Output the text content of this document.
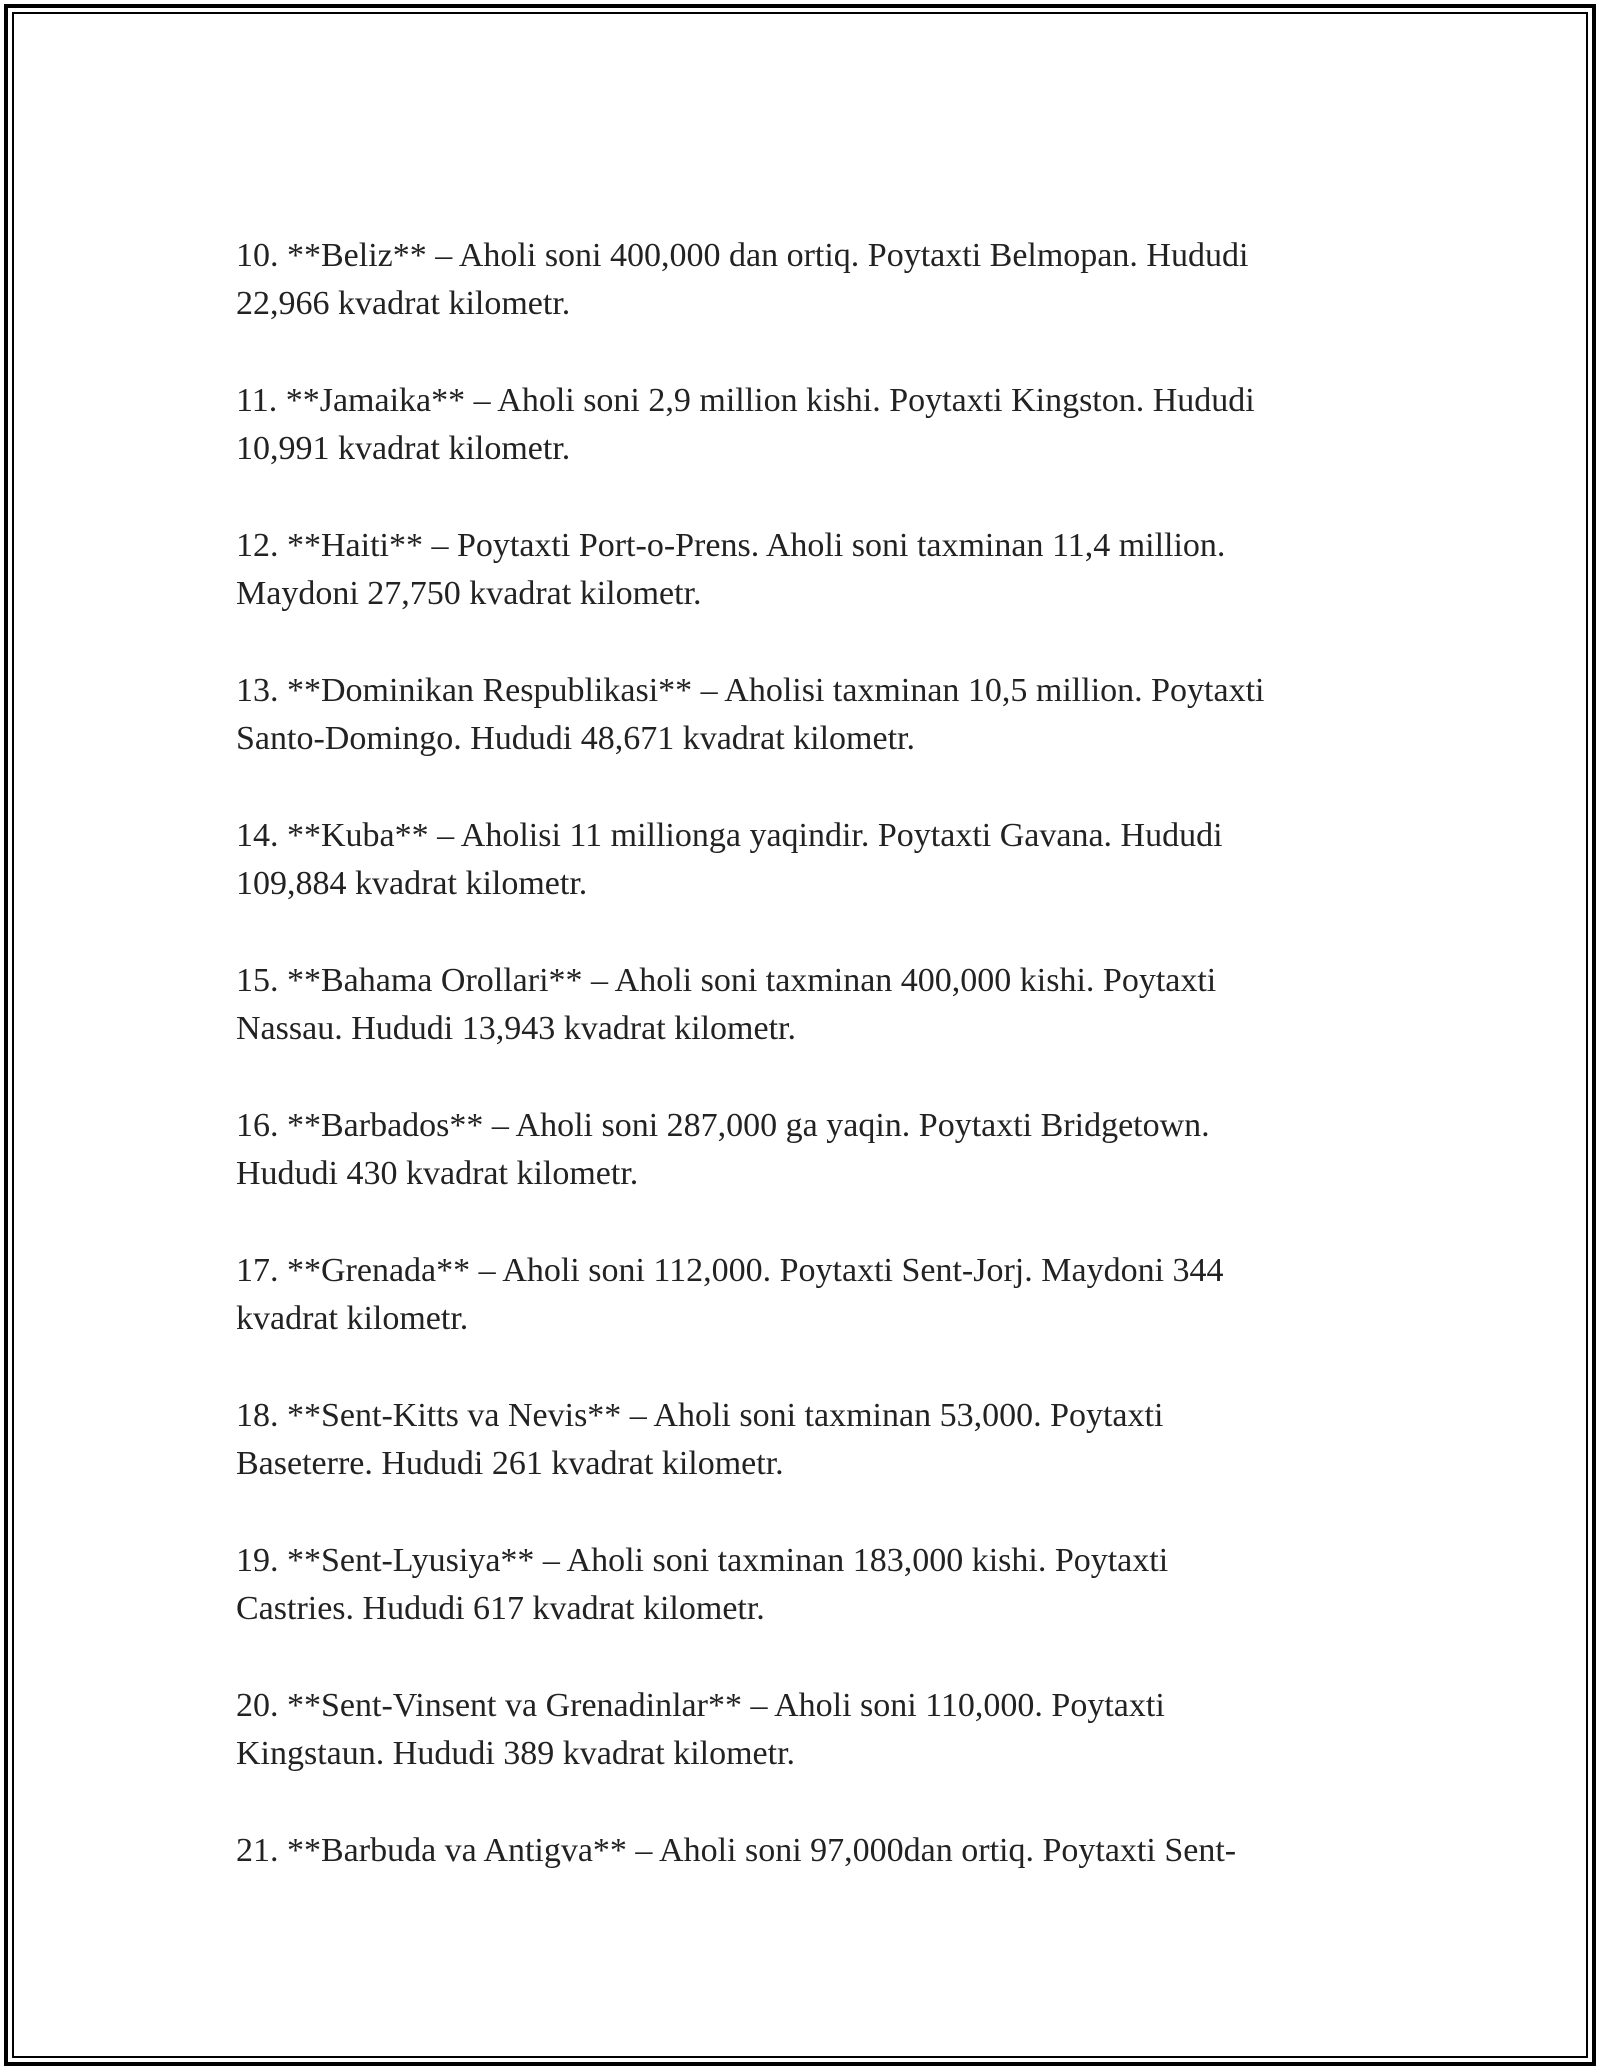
10. **Beliz** – Aholi soni 400,000 dan ortiq. Poytaxti Belmopan. Hududi
22,966 kvadrat kilometr.

11. **Jamaika** – Aholi soni 2,9 million kishi. Poytaxti Kingston. Hududi
10,991 kvadrat kilometr.

12. **Haiti** – Poytaxti Port-o-Prens. Aholi soni taxminan 11,4 million.
Maydoni 27,750 kvadrat kilometr.

13. **Dominikan Respublikasi** – Aholisi taxminan 10,5 million. Poytaxti
Santo-Domingo. Hududi 48,671 kvadrat kilometr.

14. **Kuba** – Aholisi 11 millionga yaqindir. Poytaxti Gavana. Hududi
109,884 kvadrat kilometr.

15. **Bahama Orollari** – Aholi soni taxminan 400,000 kishi. Poytaxti
Nassau. Hududi 13,943 kvadrat kilometr.

16. **Barbados** – Aholi soni 287,000 ga yaqin. Poytaxti Bridgetown.
Hududi 430 kvadrat kilometr.

17. **Grenada** – Aholi soni 112,000. Poytaxti Sent-Jorj. Maydoni 344
kvadrat kilometr.

18. **Sent-Kitts va Nevis** – Aholi soni taxminan 53,000. Poytaxti
Baseterre. Hududi 261 kvadrat kilometr.

19. **Sent-Lyusiya** – Aholi soni taxminan 183,000 kishi. Poytaxti
Castries. Hududi 617 kvadrat kilometr.

20. **Sent-Vinsent va Grenadinlar** – Aholi soni 110,000. Poytaxti
Kingstaun. Hududi 389 kvadrat kilometr.

21. **Barbuda va Antigva** – Aholi soni 97,000dan ortiq. Poytaxti Sent-
